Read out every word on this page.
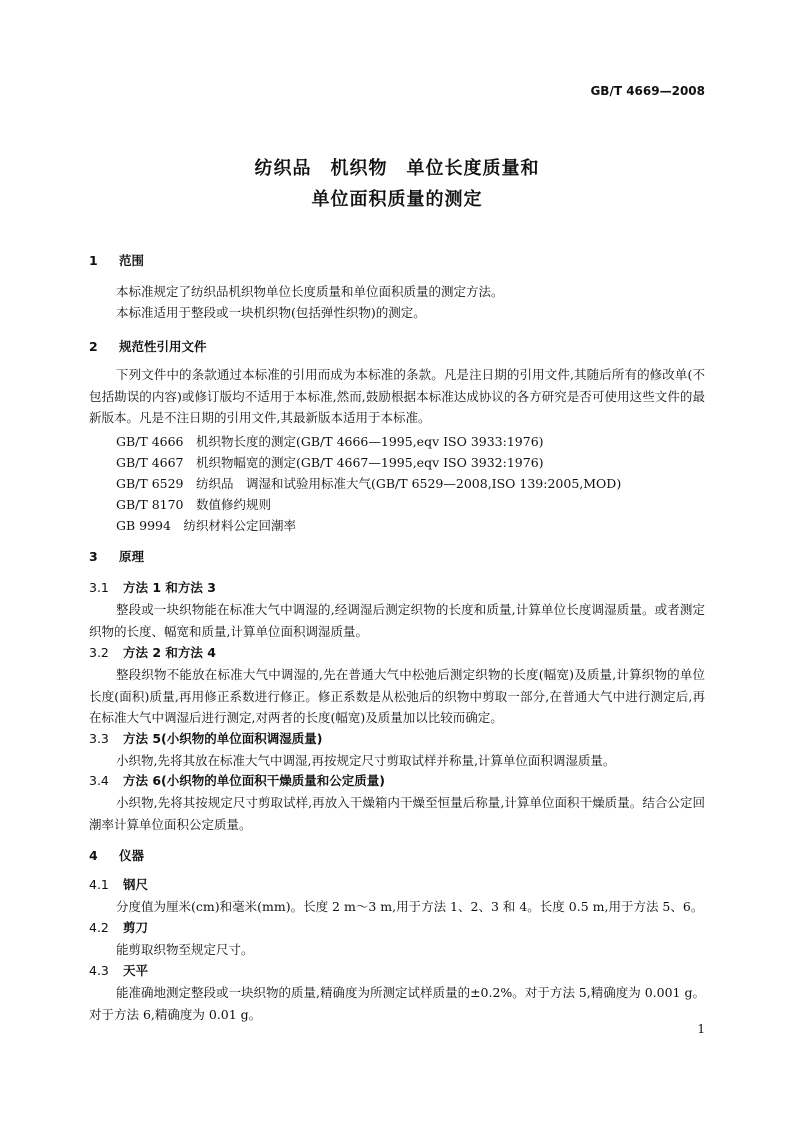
GB/T 4669—2008
纺织品　机织物　单位长度质量和
单位面积质量的测定
1 范围
本标准规定了纺织品机织物单位长度质量和单位面积质量的测定方法。
本标准适用于整段或一块机织物(包括弹性织物)的测定。
2 规范性引用文件
下列文件中的条款通过本标准的引用而成为本标准的条款。凡是注日期的引用文件,其随后所有的修改单(不包括勘误的内容)或修订版均不适用于本标准,然而,鼓励根据本标准达成协议的各方研究是否可使用这些文件的最新版本。凡是不注日期的引用文件,其最新版本适用于本标准。
GB/T 4666　机织物长度的测定(GB/T 4666—1995,eqv ISO 3933:1976)
GB/T 4667　机织物幅宽的测定(GB/T 4667—1995,eqv ISO 3932:1976)
GB/T 6529　纺织品　调湿和试验用标准大气(GB/T 6529—2008,ISO 139:2005,MOD)
GB/T 8170　数值修约规则
GB 9994　纺织材料公定回潮率
3 原理
3.1 方法 1 和方法 3
整段或一块织物能在标准大气中调湿的,经调湿后测定织物的长度和质量,计算单位长度调湿质量。或者测定织物的长度、幅宽和质量,计算单位面积调湿质量。
3.2 方法 2 和方法 4
整段织物不能放在标准大气中调湿的,先在普通大气中松弛后测定织物的长度(幅宽)及质量,计算织物的单位长度(面积)质量,再用修正系数进行修正。修正系数是从松弛后的织物中剪取一部分,在普通大气中进行测定后,再在标准大气中调湿后进行测定,对两者的长度(幅宽)及质量加以比较而确定。
3.3 方法 5(小织物的单位面积调湿质量)
小织物,先将其放在标准大气中调湿,再按规定尺寸剪取试样并称量,计算单位面积调湿质量。
3.4 方法 6(小织物的单位面积干燥质量和公定质量)
小织物,先将其按规定尺寸剪取试样,再放入干燥箱内干燥至恒量后称量,计算单位面积干燥质量。结合公定回潮率计算单位面积公定质量。
4 仪器
4.1 钢尺
分度值为厘米(cm)和毫米(mm)。长度 2 m～3 m,用于方法 1、2、3 和 4。长度 0.5 m,用于方法 5、6。
4.2 剪刀
能剪取织物至规定尺寸。
4.3 天平
能准确地测定整段或一块织物的质量,精确度为所测定试样质量的±0.2%。对于方法 5,精确度为 0.001 g。对于方法 6,精确度为 0.01 g。
1
